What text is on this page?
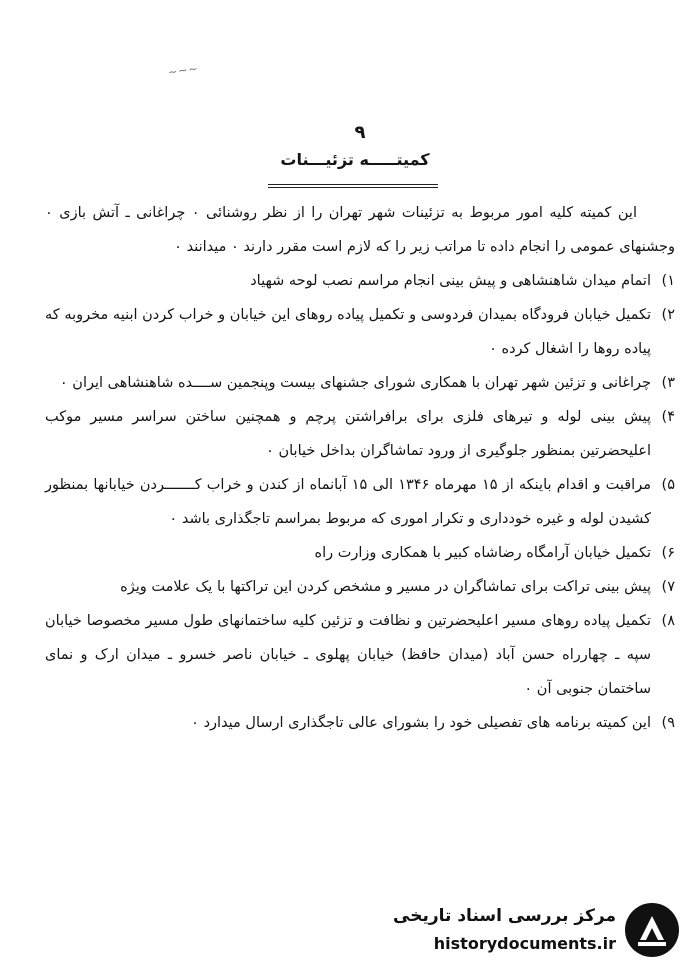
~~~
۹
کمیتـــــه تزئیـــنات

این کمیته کلیه امور مربوط به تزئینات شهر تهران را از نظر روشنائی ۰ چراغانی ـ آتش بازی ۰ وجشنهای عمومی را انجام داده تا مراتب زیر را که لازم است مقرر دارند ۰ میدانند ۰

۱)
اتمام میدان شاهنشاهی و پیش بینی انجام مراسم نصب لوحه شهیاد

۲)
تکمیل خیابان فرودگاه بمیدان فردوسی و تکمیل پیاده روهای این خیابان و خراب کردن ابنیه مخروبه که پیاده روها را اشغال کرده ۰

۳)
چراغانی و تزئین شهر تهران با همکاری شورای جشنهای بیست وپنجمین ســــده شاهنشاهی ایران ۰

۴)
پیش بینی لوله و تیرهای فلزی برای برافراشتن پرچم و همچنین ساختن سراسر مسیر موکب اعلیحضرتین بمنظور جلوگیری از ورود تماشاگران بداخل خیابان ۰

۵)
مراقبت و اقدام باینکه از ۱۵ مهرماه ۱۳۴۶ الی ۱۵ آبانماه از کندن و خراب کـــــــردن خیابانها بمنظور کشیدن لوله و غیره خودداری و تکرار اموری که مربوط بمراسم تاجگذاری باشد ۰

۶)
تکمیل خیابان آرامگاه رضاشاه کبیر با همکاری وزارت راه

۷)
پیش بینی تراکت برای تماشاگران در مسیر و مشخص کردن این تراکتها با یک علامت ویژه

۸)
تکمیل پیاده روهای مسیر اعلیحضرتین و نظافت و تزئین کلیه ساختمانهای طول مسیر مخصوصا خیابان سپه ـ چهارراه حسن آباد (میدان حافظ) خیابان پهلوی ـ خیابان ناصر خسرو ـ میدان ارک و نمای ساختمان جنوبی آن ۰

۹)
این کمیته برنامه های تفصیلی خود را بشورای عالی تاجگذاری ارسال میدارد ۰

مرکز بررسی اسناد تاریخی
historydocuments.ir
